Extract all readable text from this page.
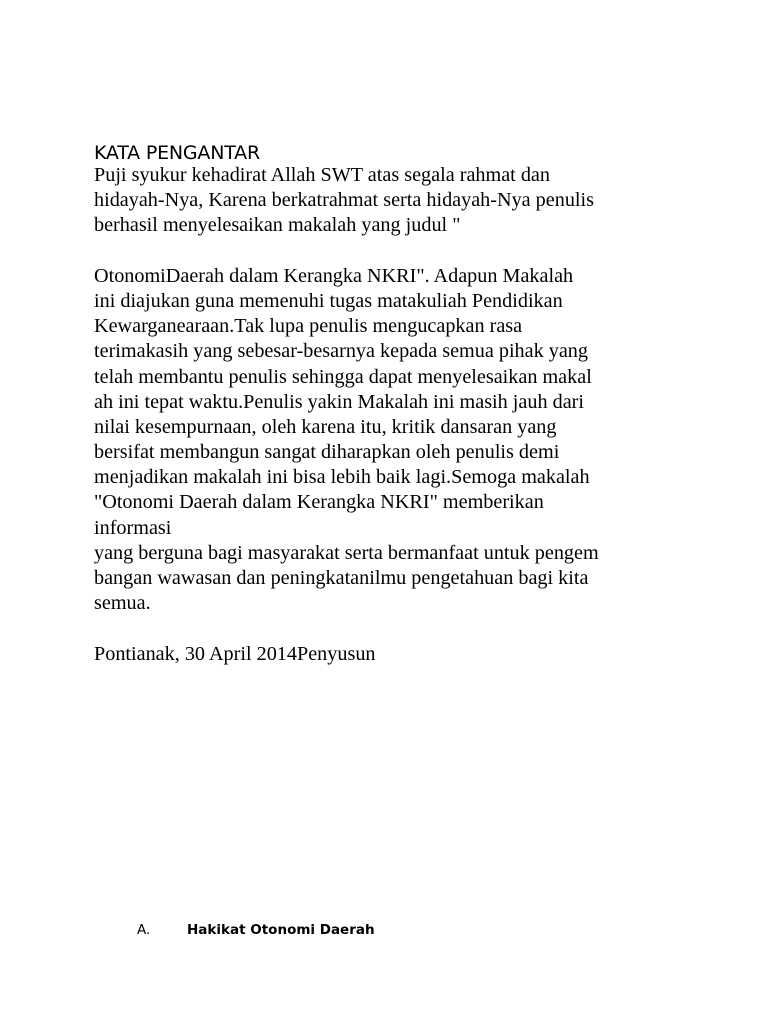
KATA PENGANTAR
Puji syukur kehadirat Allah SWT atas segala rahmat dan
hidayah-Nya, Karena berkatrahmat serta hidayah-Nya penulis
berhasil menyelesaikan makalah yang judul "
OtonomiDaerah dalam Kerangka NKRI". Adapun Makalah
ini diajukan guna memenuhi tugas matakuliah Pendidikan
Kewarganearaan.Tak lupa penulis mengucapkan rasa
terimakasih yang sebesar-besarnya kepada semua pihak yang
telah membantu penulis sehingga dapat menyelesaikan makal
ah ini tepat waktu.Penulis yakin Makalah ini masih jauh dari
nilai kesempurnaan, oleh karena itu, kritik dansaran yang
bersifat membangun sangat diharapkan oleh penulis demi
menjadikan makalah ini bisa lebih baik lagi.Semoga makalah
"Otonomi Daerah dalam Kerangka NKRI" memberikan
informasi
yang berguna bagi masyarakat serta bermanfaat untuk pengem
bangan wawasan dan peningkatanilmu pengetahuan bagi kita
semua.
Pontianak, 30 April 2014Penyusun
A.	Hakikat Otonomi Daerah
